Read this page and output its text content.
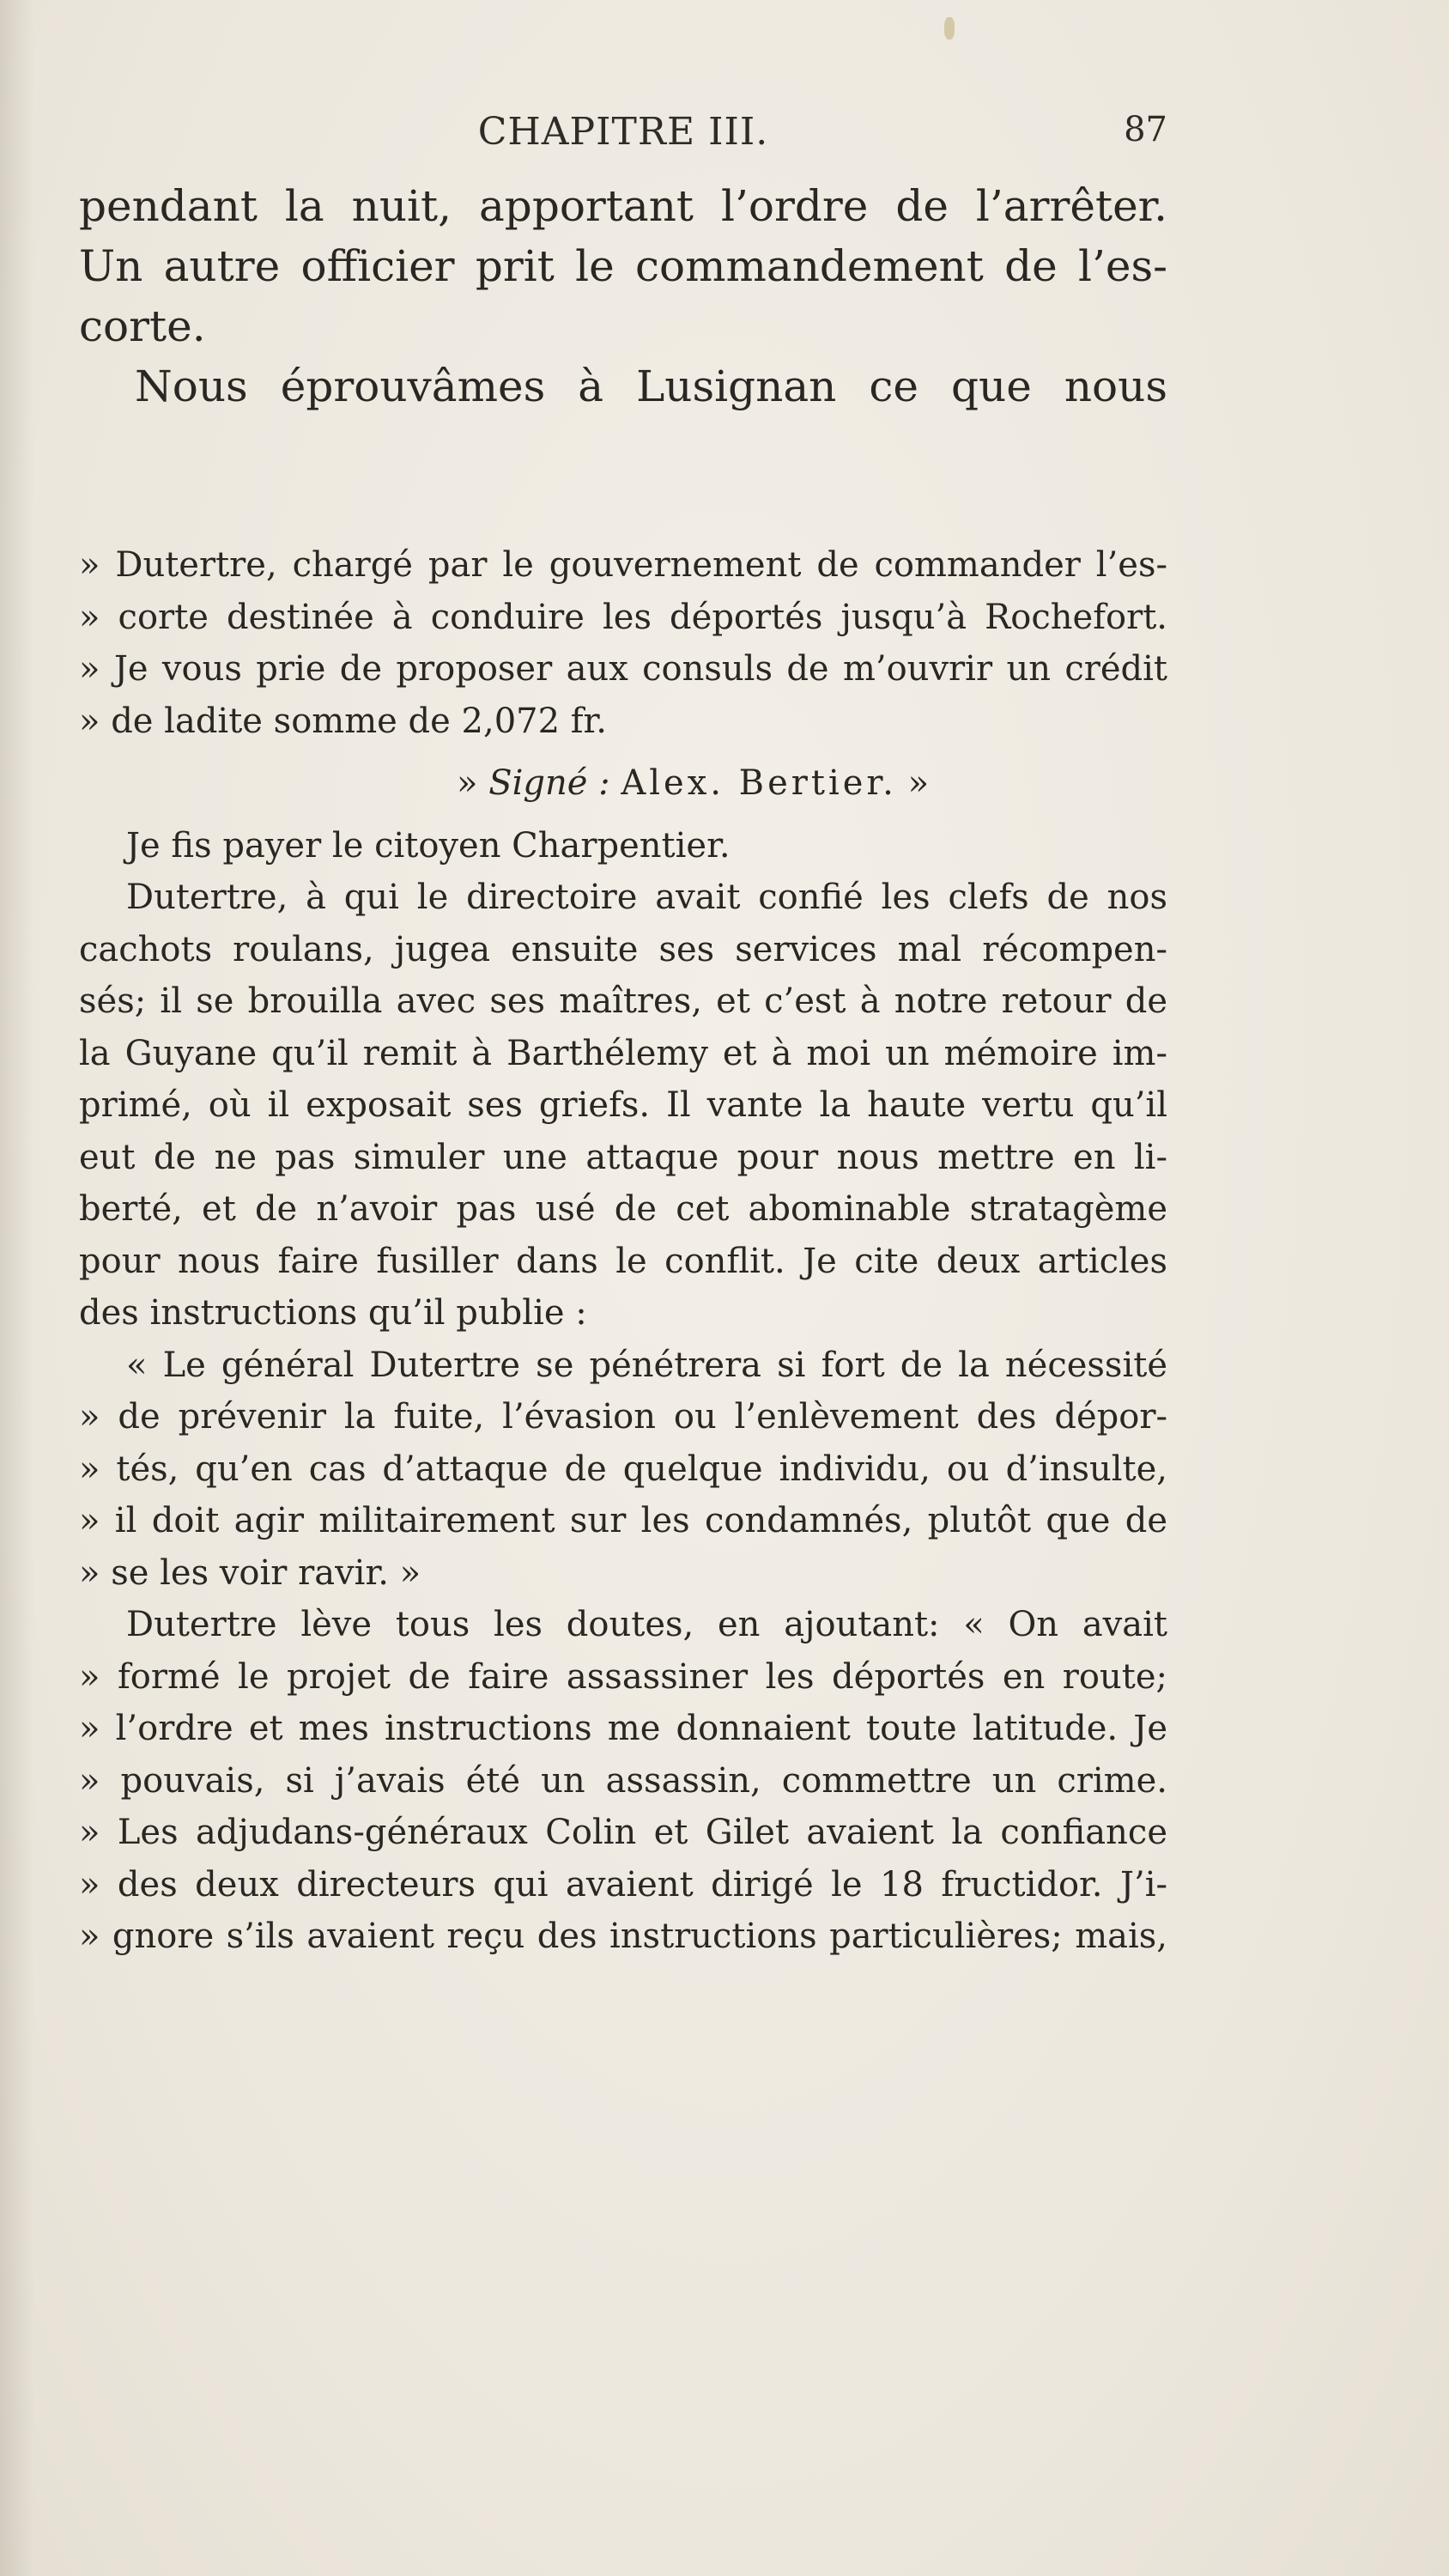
CHAPITRE III.	87
pendant la nuit, apportant l’ordre de l’arrêter.
Un autre officier prit le commandement de l’es-
corte.
Nous éprouvâmes à Lusignan ce que nous
» Dutertre, chargé par le gouvernement de commander l’es-
» corte destinée à conduire les déportés jusqu’à Rochefort.
» Je vous prie de proposer aux consuls de m’ouvrir un crédit
» de ladite somme de 2,072 fr.
» Signé : Alex. Bertier. »
Je fis payer le citoyen Charpentier.
Dutertre, à qui le directoire avait confié les clefs de nos
cachots roulans, jugea ensuite ses services mal récompen-
sés; il se brouilla avec ses maîtres, et c’est à notre retour de
la Guyane qu’il remit à Barthélemy et à moi un mémoire im-
primé, où il exposait ses griefs. Il vante la haute vertu qu’il
eut de ne pas simuler une attaque pour nous mettre en li-
berté, et de n’avoir pas usé de cet abominable stratagème
pour nous faire fusiller dans le conflit. Je cite deux articles
des instructions qu’il publie :
« Le général Dutertre se pénétrera si fort de la nécessité
» de prévenir la fuite, l’évasion ou l’enlèvement des dépor-
» tés, qu’en cas d’attaque de quelque individu, ou d’insulte,
» il doit agir militairement sur les condamnés, plutôt que de
» se les voir ravir. »
Dutertre lève tous les doutes, en ajoutant: « On avait
» formé le projet de faire assassiner les déportés en route;
» l’ordre et mes instructions me donnaient toute latitude. Je
» pouvais, si j’avais été un assassin, commettre un crime.
» Les adjudans-généraux Colin et Gilet avaient la confiance
» des deux directeurs qui avaient dirigé le 18 fructidor. J’i-
» gnore s’ils avaient reçu des instructions particulières; mais,
